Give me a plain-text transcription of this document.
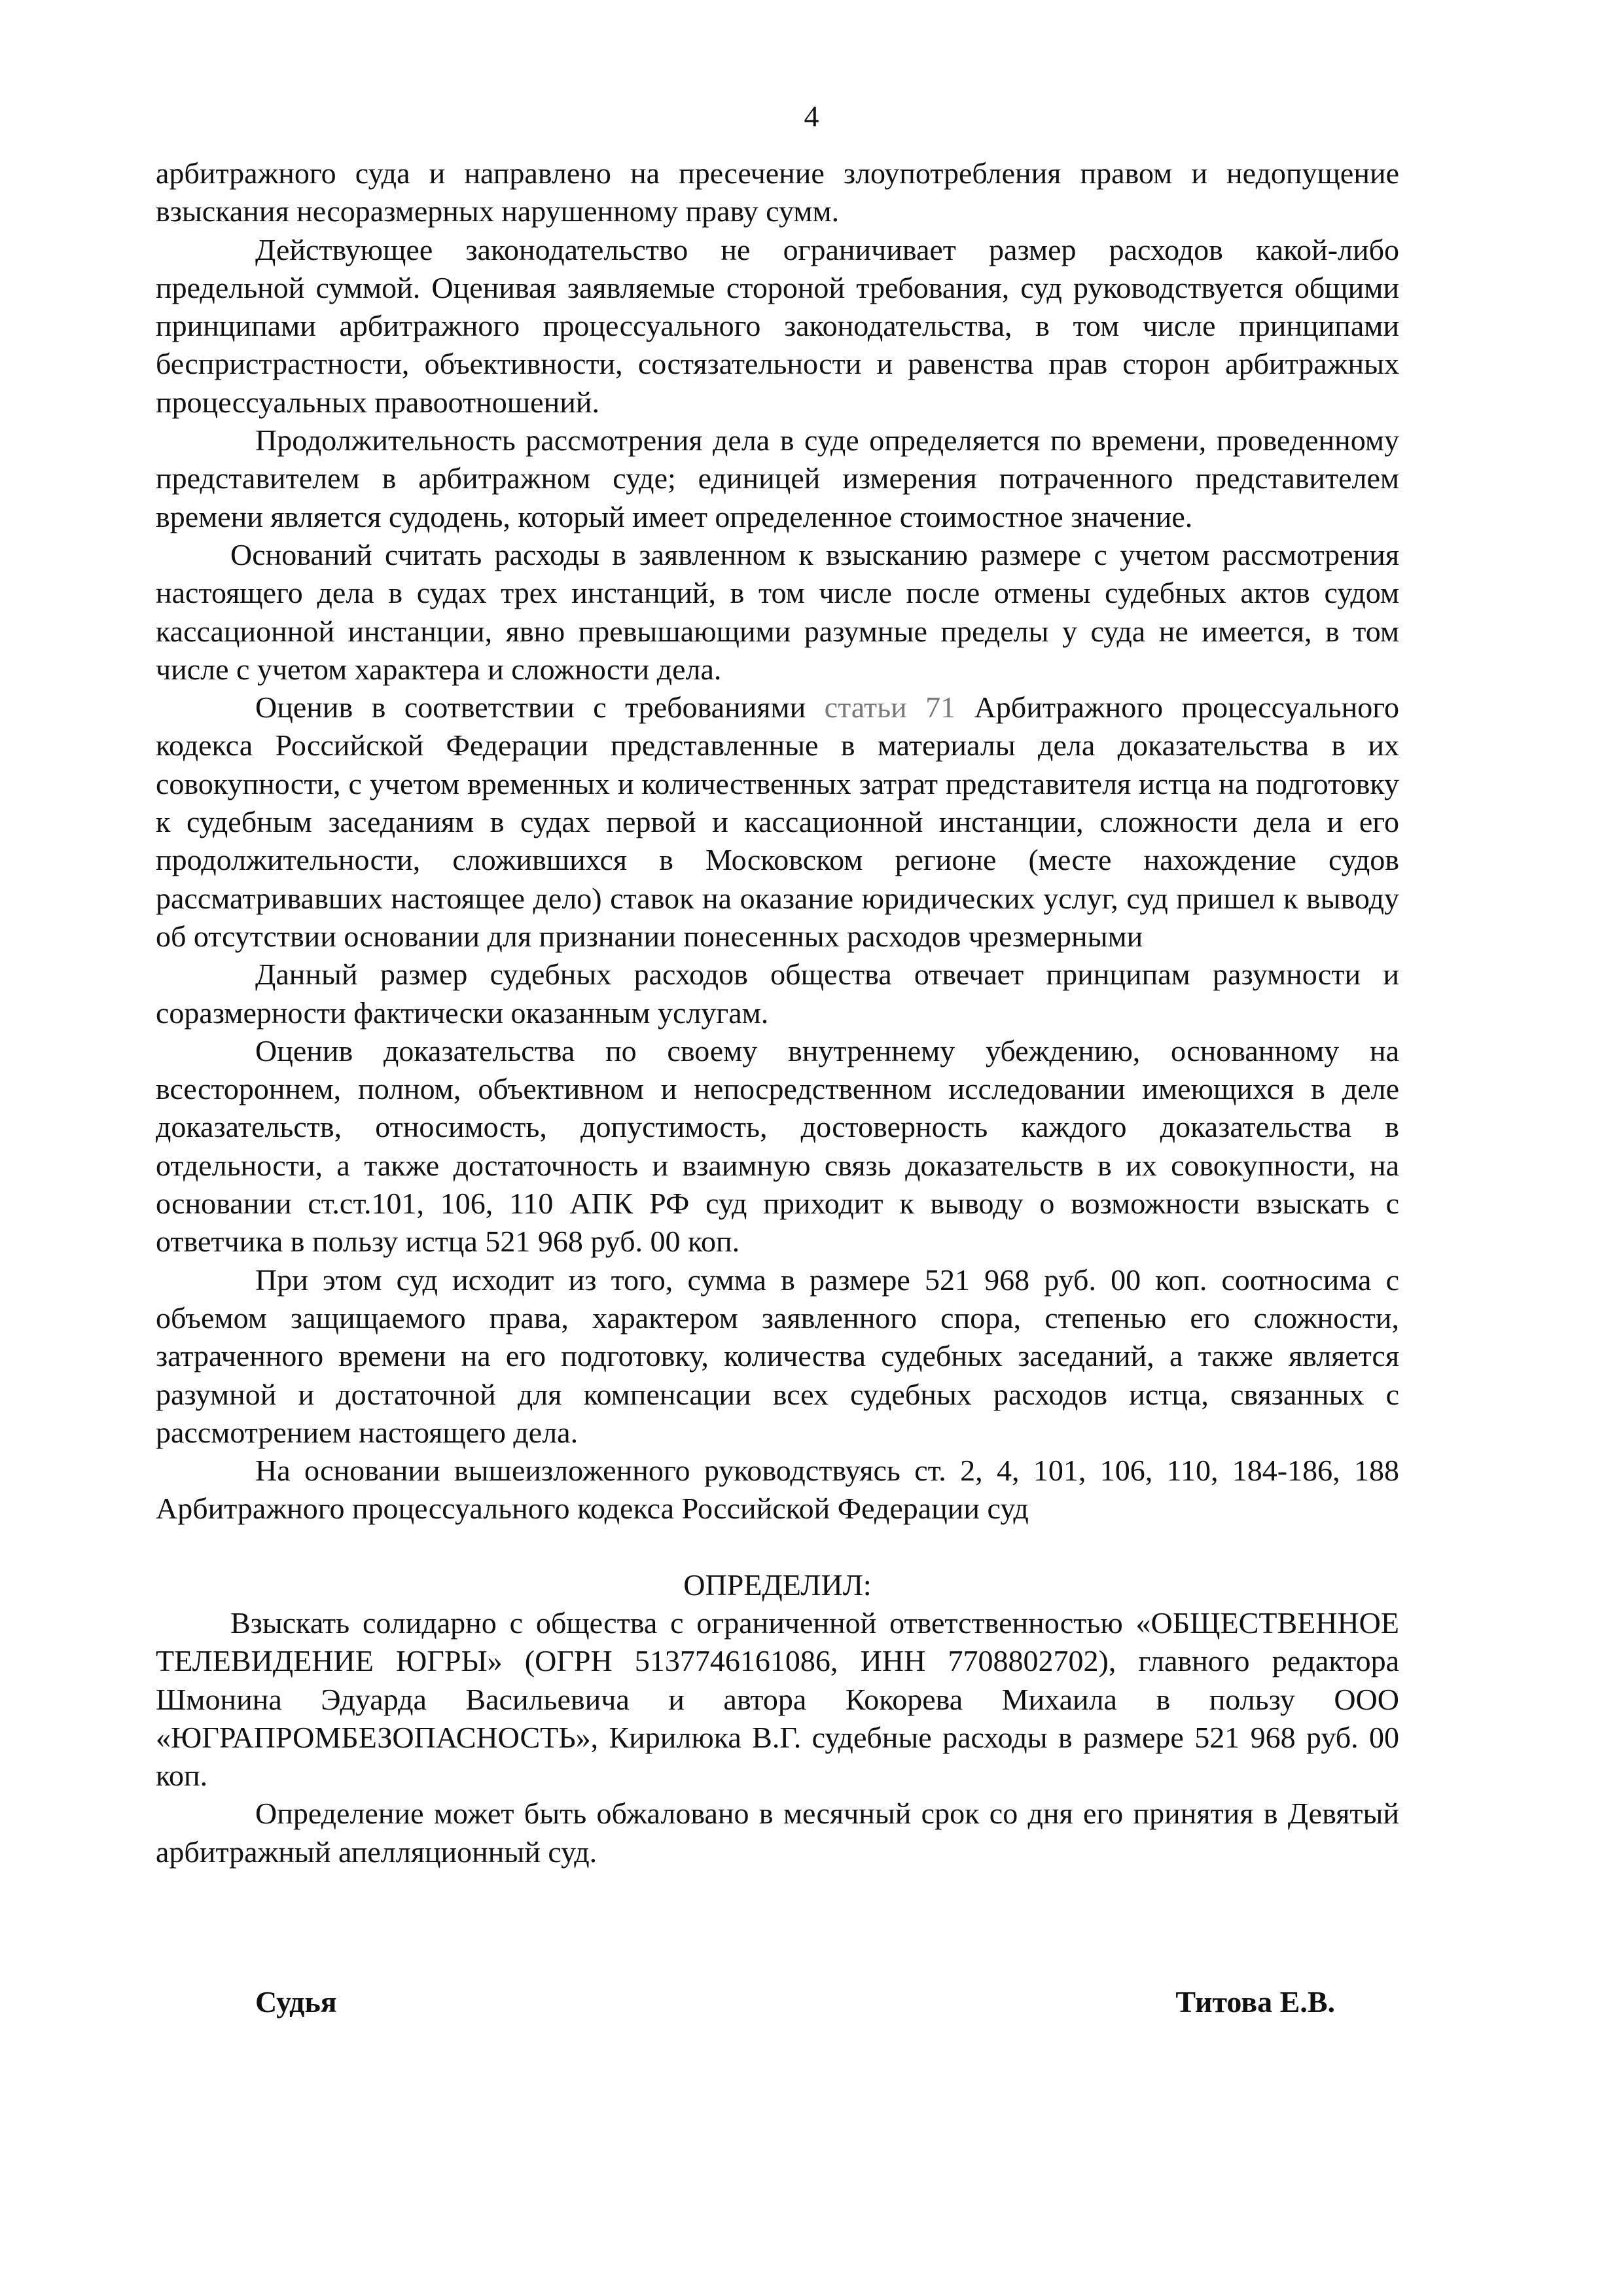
4

арбитражного суда и направлено на пресечение злоупотребления правом и недопущение взыскания несоразмерных нарушенному праву сумм.

Действующее законодательство не ограничивает размер расходов какой-либо предельной суммой. Оценивая заявляемые стороной требования, суд руководствуется общими принципами арбитражного процессуального законодательства, в том числе принципами беспристрастности, объективности, состязательности и равенства прав сторон арбитражных процессуальных правоотношений.

Продолжительность рассмотрения дела в суде определяется по времени, проведенному представителем в арбитражном суде; единицей измерения потраченного представителем времени является судодень, который имеет определенное стоимостное значение.

Оснований считать расходы в заявленном к взысканию размере с учетом рассмотрения настоящего дела в судах трех инстанций, в том числе после отмены судебных актов судом кассационной инстанции, явно превышающими разумные пределы у суда не имеется, в том числе с учетом характера и сложности дела.

Оценив в соответствии с требованиями статьи 71 Арбитражного процессуального кодекса Российской Федерации представленные в материалы дела доказательства в их совокупности, с учетом временных и количественных затрат представителя истца на подготовку к судебным заседаниям в судах первой и кассационной инстанции, сложности дела и его продолжительности, сложившихся в Московском регионе (месте нахождение судов рассматривавших настоящее дело) ставок на оказание юридических услуг, суд пришел к выводу об отсутствии основании для признании понесенных расходов чрезмерными

Данный размер судебных расходов общества отвечает принципам разумности и соразмерности фактически оказанным услугам.

Оценив доказательства по своему внутреннему убеждению, основанному на всестороннем, полном, объективном и непосредственном исследовании имеющихся в деле доказательств, относимость, допустимость, достоверность каждого доказательства в отдельности, а также достаточность и взаимную связь доказательств в их совокупности, на основании ст.ст.101, 106, 110 АПК РФ суд приходит к выводу о возможности взыскать с ответчика в пользу истца 521 968 руб. 00 коп.

При этом суд исходит из того, сумма в размере 521 968 руб. 00 коп. соотносима с объемом защищаемого права, характером заявленного спора, степенью его сложности, затраченного времени на его подготовку, количества судебных заседаний, а также является разумной и достаточной для компенсации всех судебных расходов истца, связанных с рассмотрением настоящего дела.

На основании вышеизложенного руководствуясь ст. 2, 4, 101, 106, 110, 184-186, 188 Арбитражного процессуального кодекса Российской Федерации суд

ОПРЕДЕЛИЛ:

Взыскать солидарно с общества с ограниченной ответственностью «ОБЩЕСТВЕННОЕ ТЕЛЕВИДЕНИЕ ЮГРЫ» (ОГРН 5137746161086, ИНН 7708802702), главного редактора Шмонина Эдуарда Васильевича и автора Кокорева Михаила в пользу ООО «ЮГРАПРОМБЕЗОПАСНОСТЬ», Кирилюка В.Г. судебные расходы в размере 521 968 руб. 00 коп.

Определение может быть обжаловано в месячный срок со дня его принятия в Девятый арбитражный апелляционный суд.

Судья	Титова Е.В.
